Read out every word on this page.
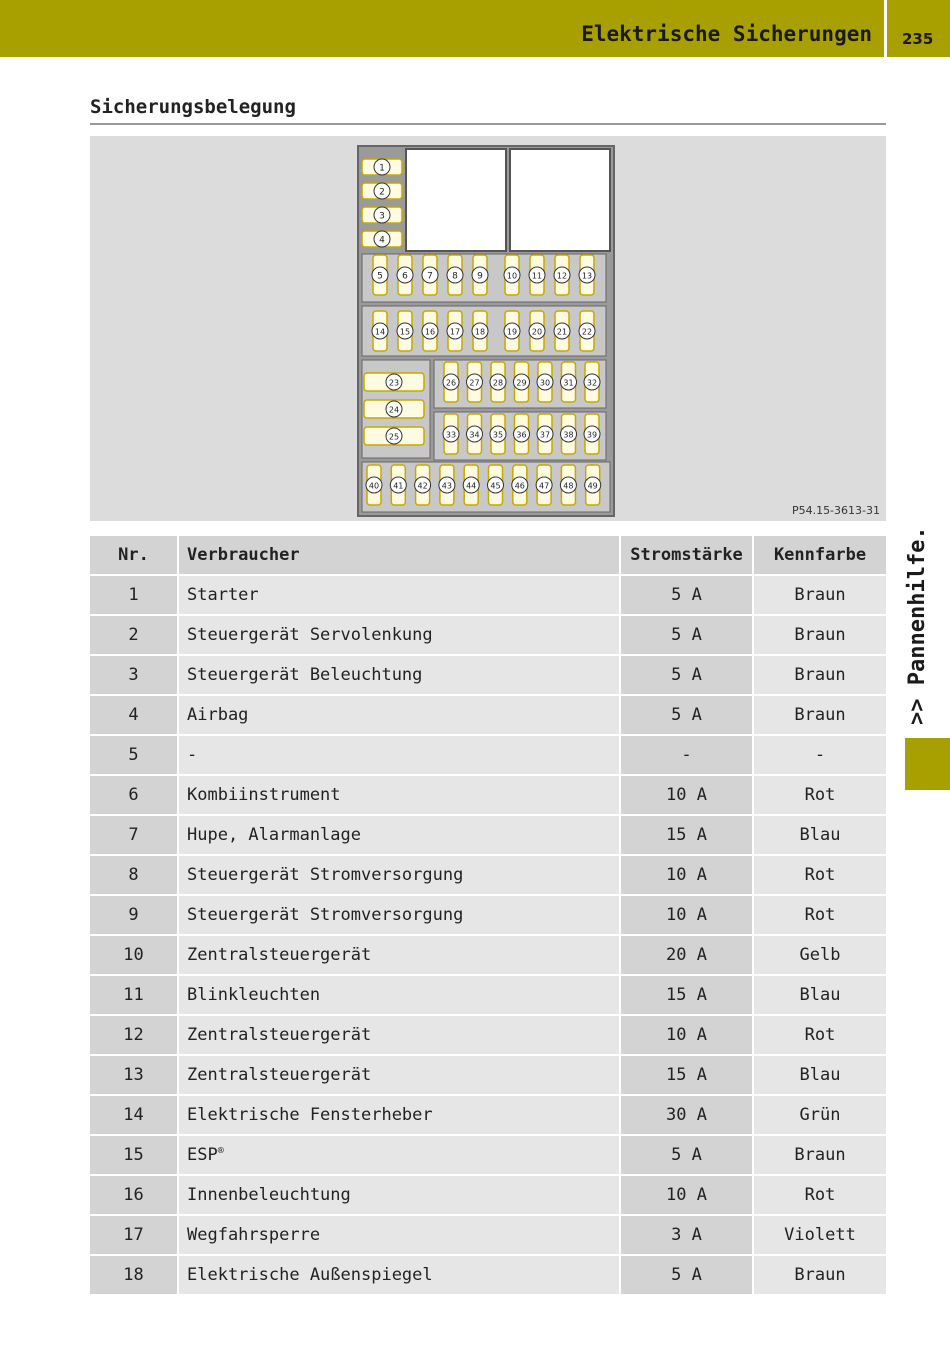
Elektrische Sicherungen 235
Sicherungsbelegung
1
2
3
4
5 6 7 8 9	10 11 12 13
14 15 16 17 18	19 20 21 22
23
24
25
26 27 28 29 30 31 32
33 34 35 36 37 38 39
40 41 42 43 44 45 46 47 48 49
P54.15-3613-31
>> Pannenhilfe.
Nr.	Verbraucher	Stromstärke	Kennfarbe
1	Starter	5 A	Braun
2	Steuergerät Servolenkung	5 A	Braun
3	Steuergerät Beleuchtung	5 A	Braun
4	Airbag	5 A	Braun
5	-	-	-
6	Kombiinstrument	10 A	Rot
7	Hupe, Alarmanlage	15 A	Blau
8	Steuergerät Stromversorgung	10 A	Rot
9	Steuergerät Stromversorgung	10 A	Rot
10	Zentralsteuergerät	20 A	Gelb
11	Blinkleuchten	15 A	Blau
12	Zentralsteuergerät	10 A	Rot
13	Zentralsteuergerät	15 A	Blau
14	Elektrische Fensterheber	30 A	Grün
15	ESP®	5 A	Braun
16	Innenbeleuchtung	10 A	Rot
17	Wegfahrsperre	3 A	Violett
18	Elektrische Außenspiegel	5 A	Braun
